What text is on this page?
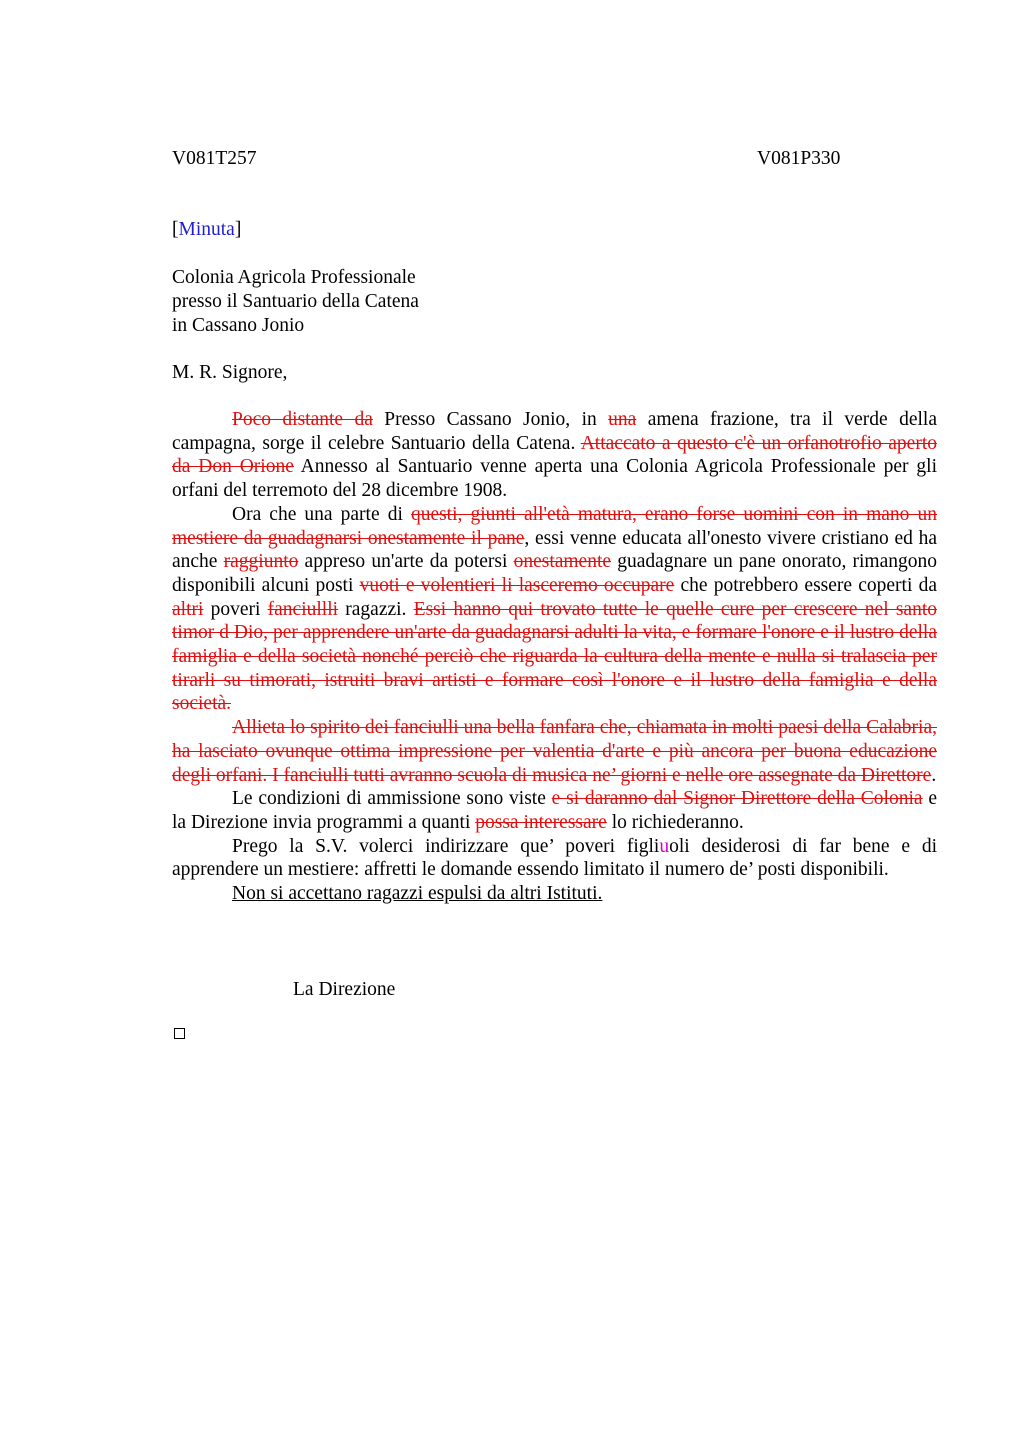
V081T257	V081P330
[Minuta]
Colonia Agricola Professionale
presso il Santuario della Catena
in Cassano Jonio
M. R. Signore,

Poco distante da Presso Cassano Jonio, in una amena frazione, tra il verde della campagna, sorge il celebre Santuario della Catena. Attaccato a questo c'è un orfanotrofio aperto da Don Orione Annesso al Santuario venne aperta una Colonia Agricola Professionale per gli orfani del terremoto del 28 dicembre 1908.

Ora che una parte di questi, giunti all'età matura, erano forse uomini con in mano un mestiere da guadagnarsi onestamente il pane, essi venne educata all'onesto vivere cristiano ed ha anche raggiunto appreso un'arte da potersi onestamente guadagnare un pane onorato, rimangono disponibili alcuni posti vuoti e volentieri li lasceremo occupare che potrebbero essere coperti da altri poveri fanciullli ragazzi. Essi hanno qui trovato tutte le quelle cure per crescere nel santo timor d Dio, per apprendere un'arte da guadagnarsi adulti la vita, e formare l'onore e il lustro della famiglia e della società nonché perciò che riguarda la cultura della mente e nulla si tralascia per tirarli su timorati, istruiti bravi artisti e formare così l'onore e il lustro della famiglia e della società.

Allieta lo spirito dei fanciulli una bella fanfara che, chiamata in molti paesi della Calabria, ha lasciato ovunque ottima impressione per valentia d'arte e più ancora per buona educazione degli orfani. I fanciulli tutti avranno scuola di musica ne’ giorni e nelle ore assegnate da Direttore.

Le condizioni di ammissione sono viste e si daranno dal Signor Direttore della Colonia e la Direzione invia programmi a quanti possa interessare lo richiederanno.

Prego la S.V. volerci indirizzare que’ poveri figliuoli desiderosi di far bene e di apprendere un mestiere: affretti le domande essendo limitato il numero de’ posti disponibili.

Non si accettano ragazzi espulsi da altri Istituti.

La Direzione
